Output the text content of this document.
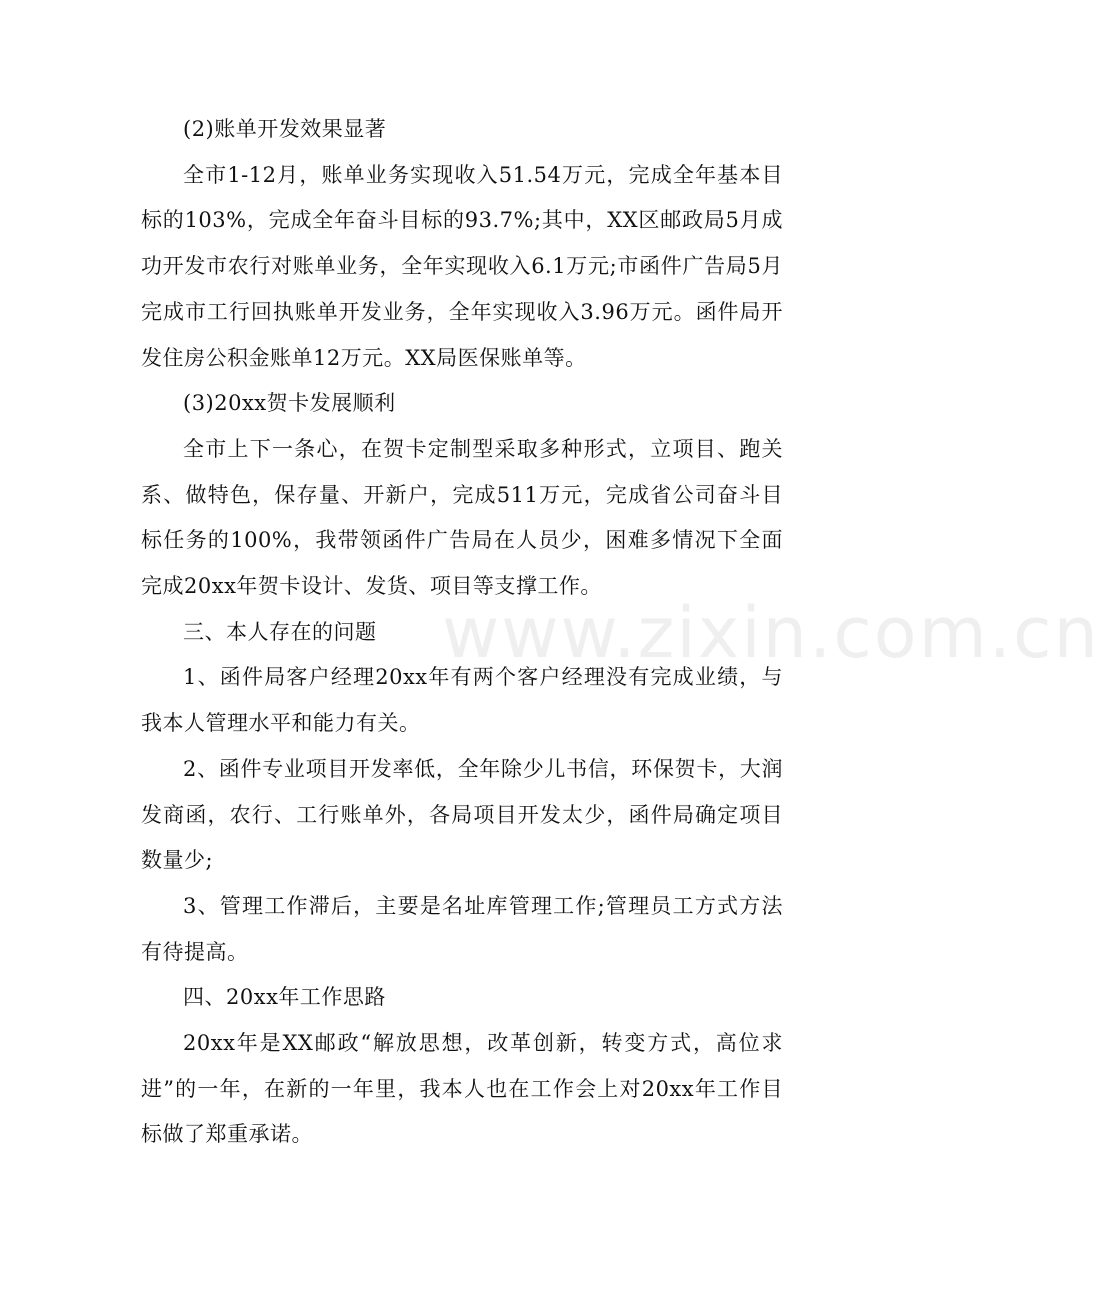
(2)账单开发效果显著

全市1-12月，账单业务实现收入51.54万元，完成全年基本目标的103%，完成全年奋斗目标的93.7%;其中，XX区邮政局5月成功开发市农行对账单业务，全年实现收入6.1万元;市函件广告局5月完成市工行回执账单开发业务，全年实现收入3.96万元。函件局开发住房公积金账单12万元。XX局医保账单等。

(3)20xx贺卡发展顺利

全市上下一条心，在贺卡定制型采取多种形式，立项目、跑关系、做特色，保存量、开新户，完成511万元，完成省公司奋斗目标任务的100%，我带领函件广告局在人员少，困难多情况下全面完成20xx年贺卡设计、发货、项目等支撑工作。

三、本人存在的问题

1、函件局客户经理20xx年有两个客户经理没有完成业绩，与我本人管理水平和能力有关。

2、函件专业项目开发率低，全年除少儿书信，环保贺卡，大润发商函，农行、工行账单外，各局项目开发太少，函件局确定项目数量少;

3、管理工作滞后，主要是名址库管理工作;管理员工方式方法有待提高。

四、20xx年工作思路

20xx年是XX邮政“解放思想，改革创新，转变方式，高位求进”的一年，在新的一年里，我本人也在工作会上对20xx年工作目标做了郑重承诺。

www.zixin.com.cn
